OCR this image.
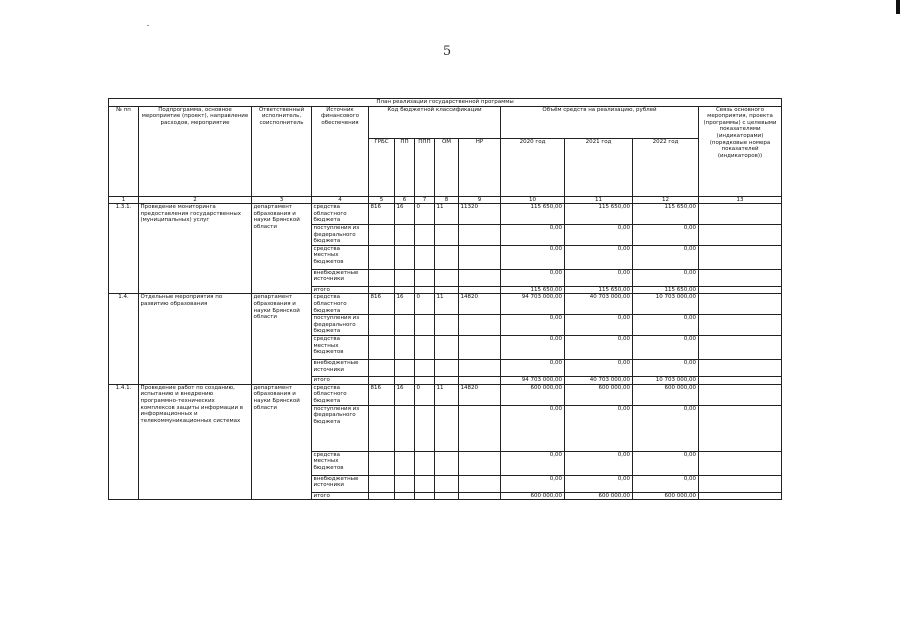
5
План реализации государственной программы												
№ пп	Подпрограмма, основное мероприятие (проект), направление расходов, мероприятие	Ответственный исполнитель, соисполнитель	Источник финансового обеспечения	Код бюджетной классификации					Объём средств на реализацию, рублей			Связь основного мероприятия, проекта (программы) с целевыми показателями (индикаторами) (порядковые номера показателей (индикаторов))
				ГРБС	ПП	ППП	ОМ	НР	2020 год	2021 год	2022 год	
1	2	3	4	5	6	7	8	9	10	11	12	13
1.3.1.	Проведение мониторинга предоставления государственных (муниципальных) услуг	департамент образования и науки Брянской области	средства областного бюджета	816	16	0	11	11320	115 650,00	115 650,00	115 650,00	
			поступления из федерального бюджета						0,00	0,00	0,00	
			средства местных бюджетов						0,00	0,00	0,00	
			внебюджетные источники						0,00	0,00	0,00	
			итого						115 650,00	115 650,00	115 650,00	
1.4.	Отдельные мероприятия по развитию образования	департамент образования и науки Брянской области	средства областного бюджета	816	16	0	11	14820	94 703 000,00	40 703 000,00	10 703 000,00	
			поступления из федерального бюджета						0,00	0,00	0,00	
			средства местных бюджетов						0,00	0,00	0,00	
			внебюджетные источники						0,00	0,00	0,00	
			итого						94 703 000,00	40 703 000,00	10 703 000,00	
1.4.1.	Проведение работ по созданию, испытанию и внедрению программно-технических комплексов защиты информации в информационных и телекоммуникационных системах	департамент образования и науки Брянской области	средства областного бюджета	816	16	0	11	14820	600 000,00	600 000,00	600 000,00	
			поступления из федерального бюджета						0,00	0,00	0,00	
			средства местных бюджетов						0,00	0,00	0,00	
			внебюджетные источники						0,00	0,00	0,00	
			итого						600 000,00	600 000,00	600 000,00	
